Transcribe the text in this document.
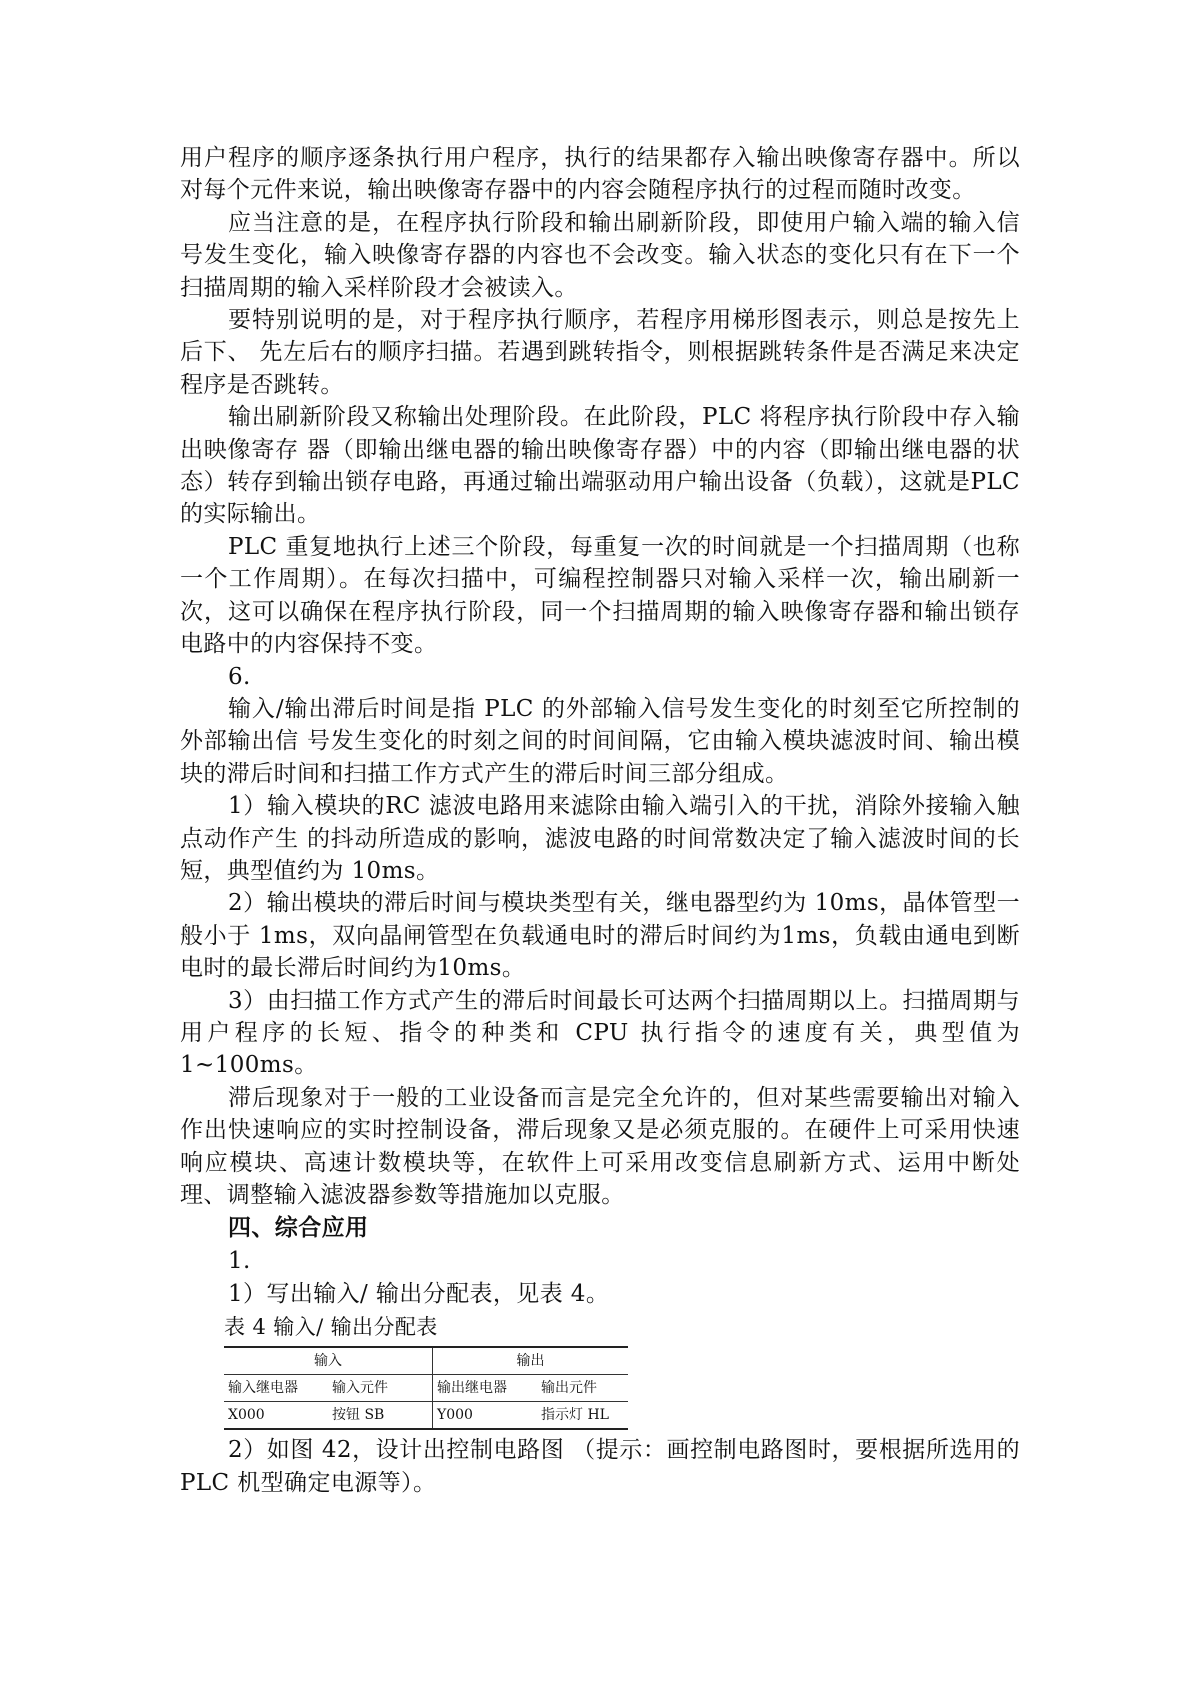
用户程序的顺序逐条执行用户程序，执行的结果都存入输出映像寄存器中。所以对每个元件来说，输出映像寄存器中的内容会随程序执行的过程而随时改变。

应当注意的是，在程序执行阶段和输出刷新阶段，即使用户输入端的输入信号发生变化，输入映像寄存器的内容也不会改变。输入状态的变化只有在下一个扫描周期的输入采样阶段才会被读入。

要特别说明的是，对于程序执行顺序，若程序用梯形图表示，则总是按先上后下、 先左后右的顺序扫描。若遇到跳转指令，则根据跳转条件是否满足来决定程序是否跳转。

输出刷新阶段又称输出处理阶段。在此阶段，PLC 将程序执行阶段中存入输出映像寄存 器（即输出继电器的输出映像寄存器）中的内容（即输出继电器的状态）转存到输出锁存电路，再通过输出端驱动用户输出设备（负载），这就是PLC 的实际输出。

PLC 重复地执行上述三个阶段，每重复一次的时间就是一个扫描周期（也称一个工作周期）。在每次扫描中，可编程控制器只对输入采样一次，输出刷新一次，这可以确保在程序执行阶段，同一个扫描周期的输入映像寄存器和输出锁存电路中的内容保持不变。

6.

输入/输出滞后时间是指 PLC 的外部输入信号发生变化的时刻至它所控制的外部输出信 号发生变化的时刻之间的时间间隔，它由输入模块滤波时间、输出模块的滞后时间和扫描工作方式产生的滞后时间三部分组成。

1）输入模块的RC 滤波电路用来滤除由输入端引入的干扰，消除外接输入触点动作产生 的抖动所造成的影响，滤波电路的时间常数决定了输入滤波时间的长短，典型值约为 10ms。

2）输出模块的滞后时间与模块类型有关，继电器型约为 10ms，晶体管型一般小于 1ms，双向晶闸管型在负载通电时的滞后时间约为1ms，负载由通电到断电时的最长滞后时间约为10ms。

3）由扫描工作方式产生的滞后时间最长可达两个扫描周期以上。扫描周期与用户程序的长短、指令的种类和 CPU 执行指令的速度有关，典型值为 1~100ms。

滞后现象对于一般的工业设备而言是完全允许的，但对某些需要输出对输入作出快速响应的实时控制设备，滞后现象又是必须克服的。在硬件上可采用快速响应模块、高速计数模块等，在软件上可采用改变信息刷新方式、运用中断处理、调整输入滤波器参数等措施加以克服。

四、综合应用

1.

1）写出输入/ 输出分配表，见表 4。

表 4 输入/ 输出分配表

输入		输出	
输入继电器	输入元件	输出继电器	输出元件
X000	按钮 SB	Y000	指示灯 HL

2）如图 42，设计出控制电路图 （提示：画控制电路图时，要根据所选用的PLC 机型确定电源等）。
